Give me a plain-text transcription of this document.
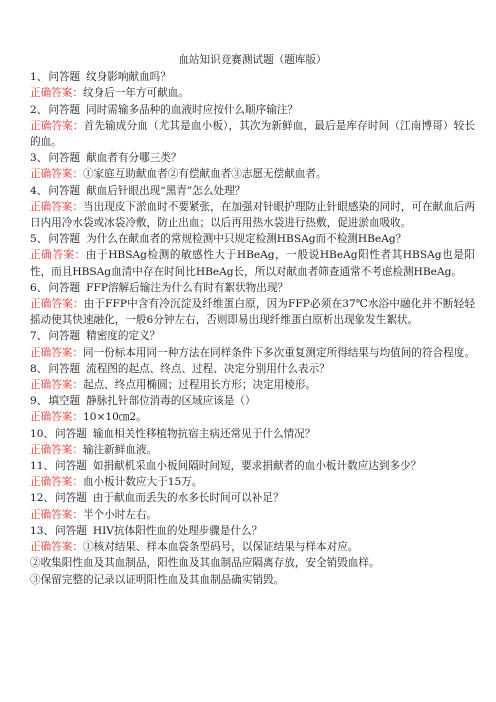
血站知识竞赛测试题（题库版）

1、问答题 纹身影响献血吗？

正确答案：纹身后一年方可献血。

2、问答题 同时需输多品种的血液时应按什么顺序输注？

正确答案：首先输成分血（尤其是血小板），其次为新鲜血，最后是库存时间（江南博哥）较长的血。

3、问答题 献血者有分哪三类？

正确答案：①家庭互助献血者②有偿献血者③志愿无偿献血者。

4、问答题 献血后针眼出现“黑青”怎么处理？

正确答案：当出现皮下淤血时不要紧张，在加强对针眼护理防止针眼感染的同时，可在献血后两日内用冷水袋或冰袋冷敷，防止出血；以后再用热水袋进行热敷，促进淤血吸收。

5、问答题 为什么在献血者的常规检测中只规定检测HBSAg而不检测HBeAg？

正确答案：由于HBSAg检测的敏感性大于HBeAg，一般说HBeAg阳性者其HBSAg也是阳性，而且HBSAg血清中存在时间比HBeAg长，所以对献血者筛查通常不考虑检测HBeAg。

6、问答题 FFP溶解后输注为什么有时有絮状物出现？

正确答案：由于FFP中含有冷沉淀及纤维蛋白原，因为FFP必须在37℃水浴中融化并不断轻轻摇动使其快速融化，一般6分钟左右，否则即易出现纤维蛋白原析出现象发生絮状。

7、问答题 精密度的定义？

正确答案：同一份标本用同一种方法在同样条件下多次重复测定所得结果与均值间的符合程度。

8、问答题 流程图的起点、终点、过程、决定分别用什么表示？

正确答案：起点、终点用椭圆；过程用长方形；决定用棱形。

9、填空题 静脉扎针部位消毒的区域应该是（）

正确答案：10×10㎝2。

10、问答题 输血相关性移植物抗宿主病还常见于什么情况？

正确答案：输注新鲜血液。

11、问答题 如捐献机采血小板间隔时间短，要求捐献者的血小板计数应达到多少？

正确答案：血小板计数应大于15万。

12、问答题 由于献血而丢失的水多长时间可以补足？

正确答案：半个小时左右。

13、问答题 HIV抗体阳性血的处理步骤是什么？

正确答案：①核对结果、样本血袋条型码号，以保证结果与样本对应。

②收集阳性血及其血制品，阳性血及其血制品应隔离存放，安全销毁血样。

③保留完整的记录以证明阳性血及其血制品确实销毁。
